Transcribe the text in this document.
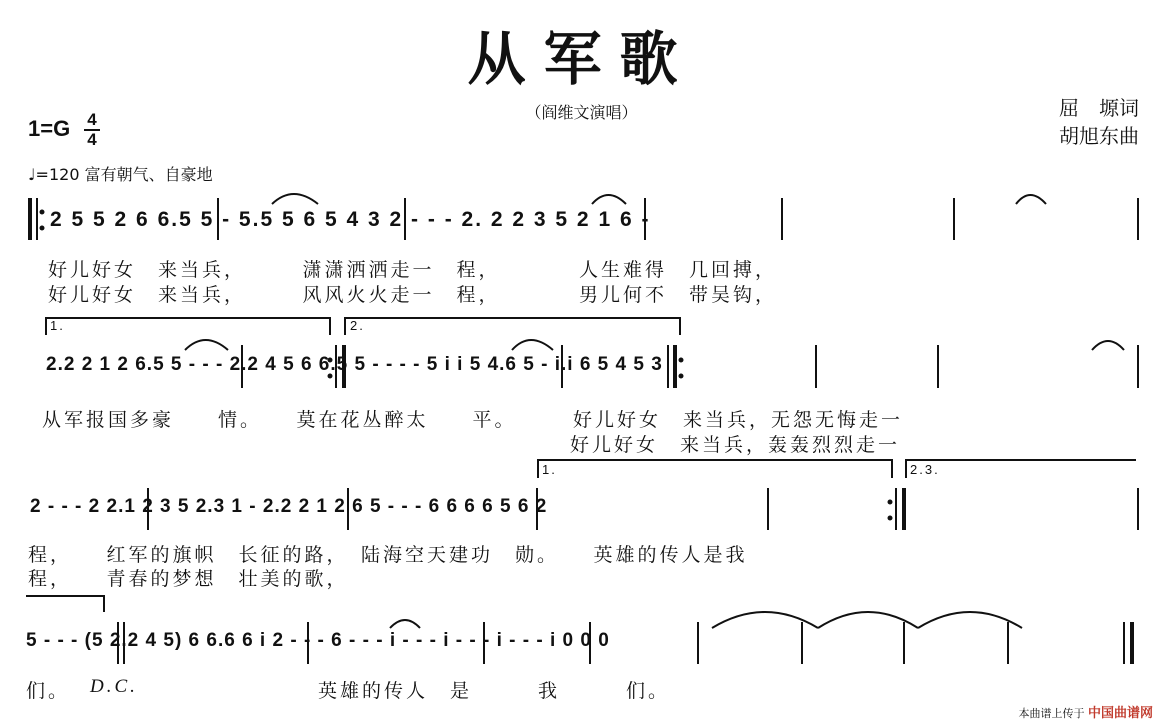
从军歌
（阎维文演唱）
1=G 4
4
屈　塬词
胡旭东曲
♩=120 富有朝气、自豪地
2 5 5 2 6 6.5 5 - 5.5 5 6 5 4 3 2 - - - 2. 2 2 3 5 2 1 6 -
好儿好女　来当兵，　　　潇潇洒洒走一　程，　　　　人生难得　几回搏，
好儿好女　来当兵，　　　风风火火走一　程，　　　　男儿何不　带吴钩，
1.	2.
2.2 2 1 2 6.5 5 - - - 2.2 4 5 6 6.5 5 - - - - 5 i i 5 4.6 5 - i.i 6 5 4 5 3
从军报国多豪　　情。　　莫在花丛醉太　　平。　　　好儿好女　来当兵，无怨无悔走一
　　　　　　　　　　　　　　　　　　　　　　　　好儿好女　来当兵，轰轰烈烈走一
1.	2.3.
2 - - - 2 2.1 2 3 5 2.3 1 - 2.2 2 1 2 6 5 - - - 6 6 6 6 5 6 2
程，　　红军的旗帜　长征的路，　陆海空天建功　勋。　　英雄的传人是我
程，　　青春的梦想　壮美的歌，
5 - - - (5 2.2 4 5) 6 6.6 6 i 2 - - - 6 - - - i - - - i - - - i - - - i 0 0 0
们。 D.C.	英雄的传人　是　　　我　　　们。
本曲谱上传于 中国曲谱网
